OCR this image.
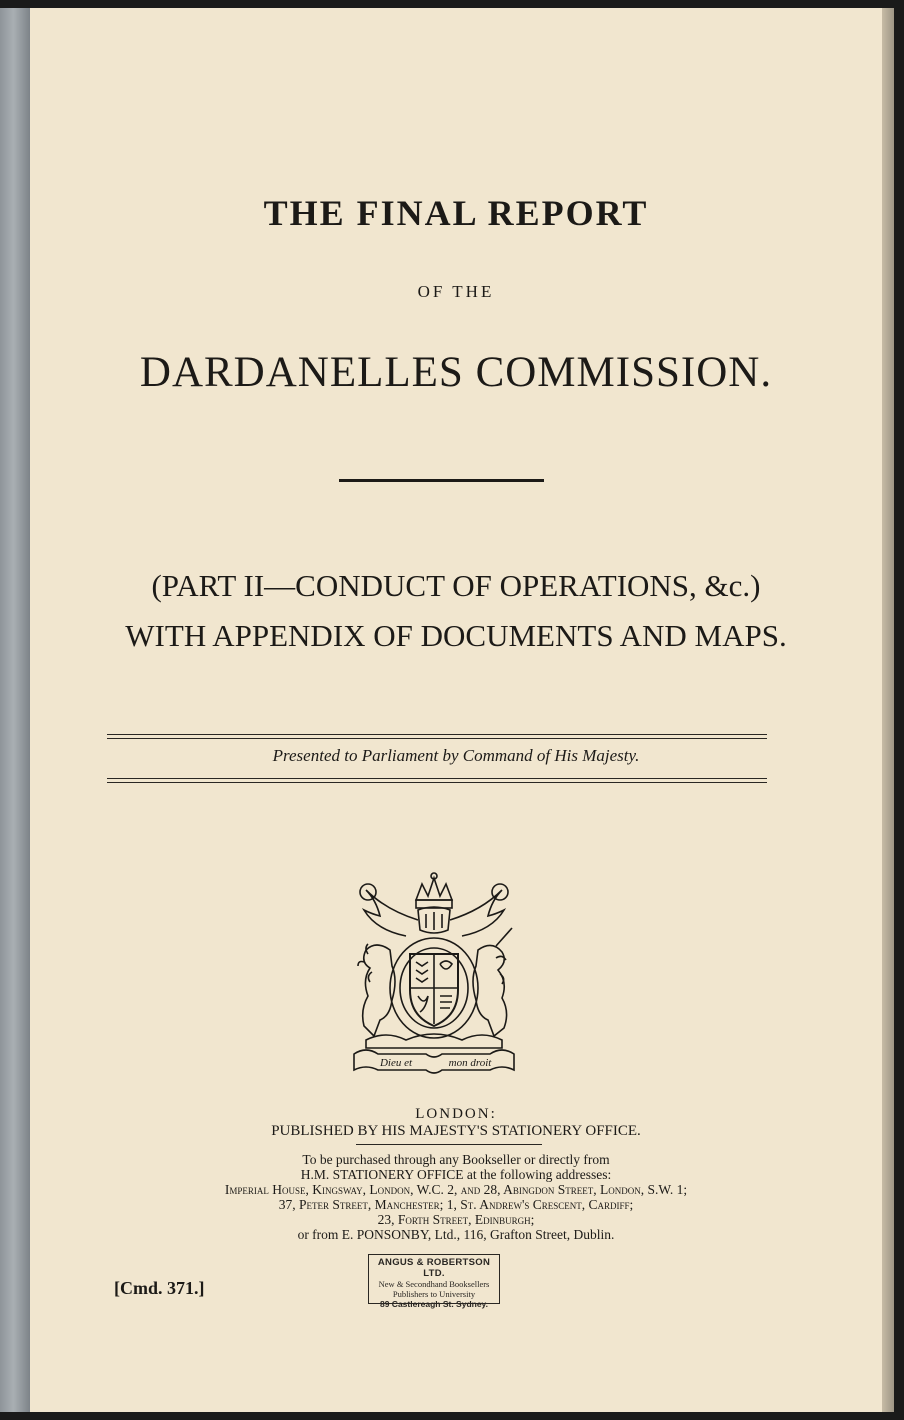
THE FINAL REPORT
OF THE
DARDANELLES COMMISSION.
(PART II—CONDUCT OF OPERATIONS, &c.)
WITH APPENDIX OF DOCUMENTS AND MAPS.
Presented to Parliament by Command of His Majesty.
Dieu et	mon droit
LONDON:
PUBLISHED BY HIS MAJESTY'S STATIONERY OFFICE.
To be purchased through any Bookseller or directly from
H.M. STATIONERY OFFICE at the following addresses:
Imperial House, Kingsway, London, W.C. 2, and 28, Abingdon Street, London, S.W. 1;
37, Peter Street, Manchester; 1, St. Andrew's Crescent, Cardiff;
23, Forth Street, Edinburgh;
or from E. PONSONBY, Ltd., 116, Grafton Street, Dublin.
[Cmd. 371.]
ANGUS & ROBERTSON LTD.
New & Secondhand Booksellers
Publishers to University
89 Castlereagh St. Sydney.
